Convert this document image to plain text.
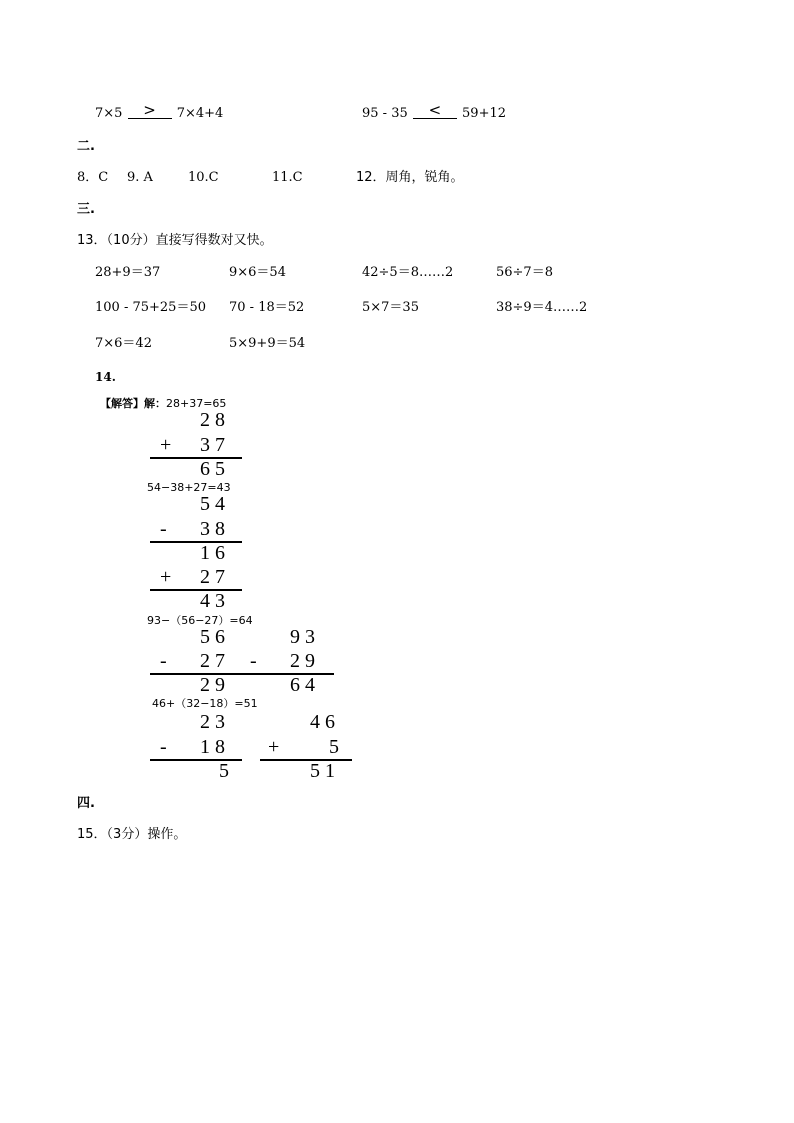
7×5	>	7×4+4	95 - 35	<	59+12
二.
8．C 9. A	10.C	11.C	12．周角，锐角。
三.
13．（10分）直接写得数对又快。
28+9＝37	9×6＝54	42÷5＝8……2	56÷7＝8
100 - 75+25＝50 70 - 18＝52	5×7＝35	38÷9＝4……2
7×6＝42	5×9+9＝54
14.
【解答】解：28+37=65
2 8
+ 3 7
6 5
54−38+27=43
5 4
- 3 8
1 6
+ 2 7
4 3
93−（56−27）=64
5 6
- 2 7
2 9
9 3
- 2 9
6 4
46+（32−18）=51
2 3
- 1 8
5
4 6
+ 5
5 1
四.
15．（3分）操作。
